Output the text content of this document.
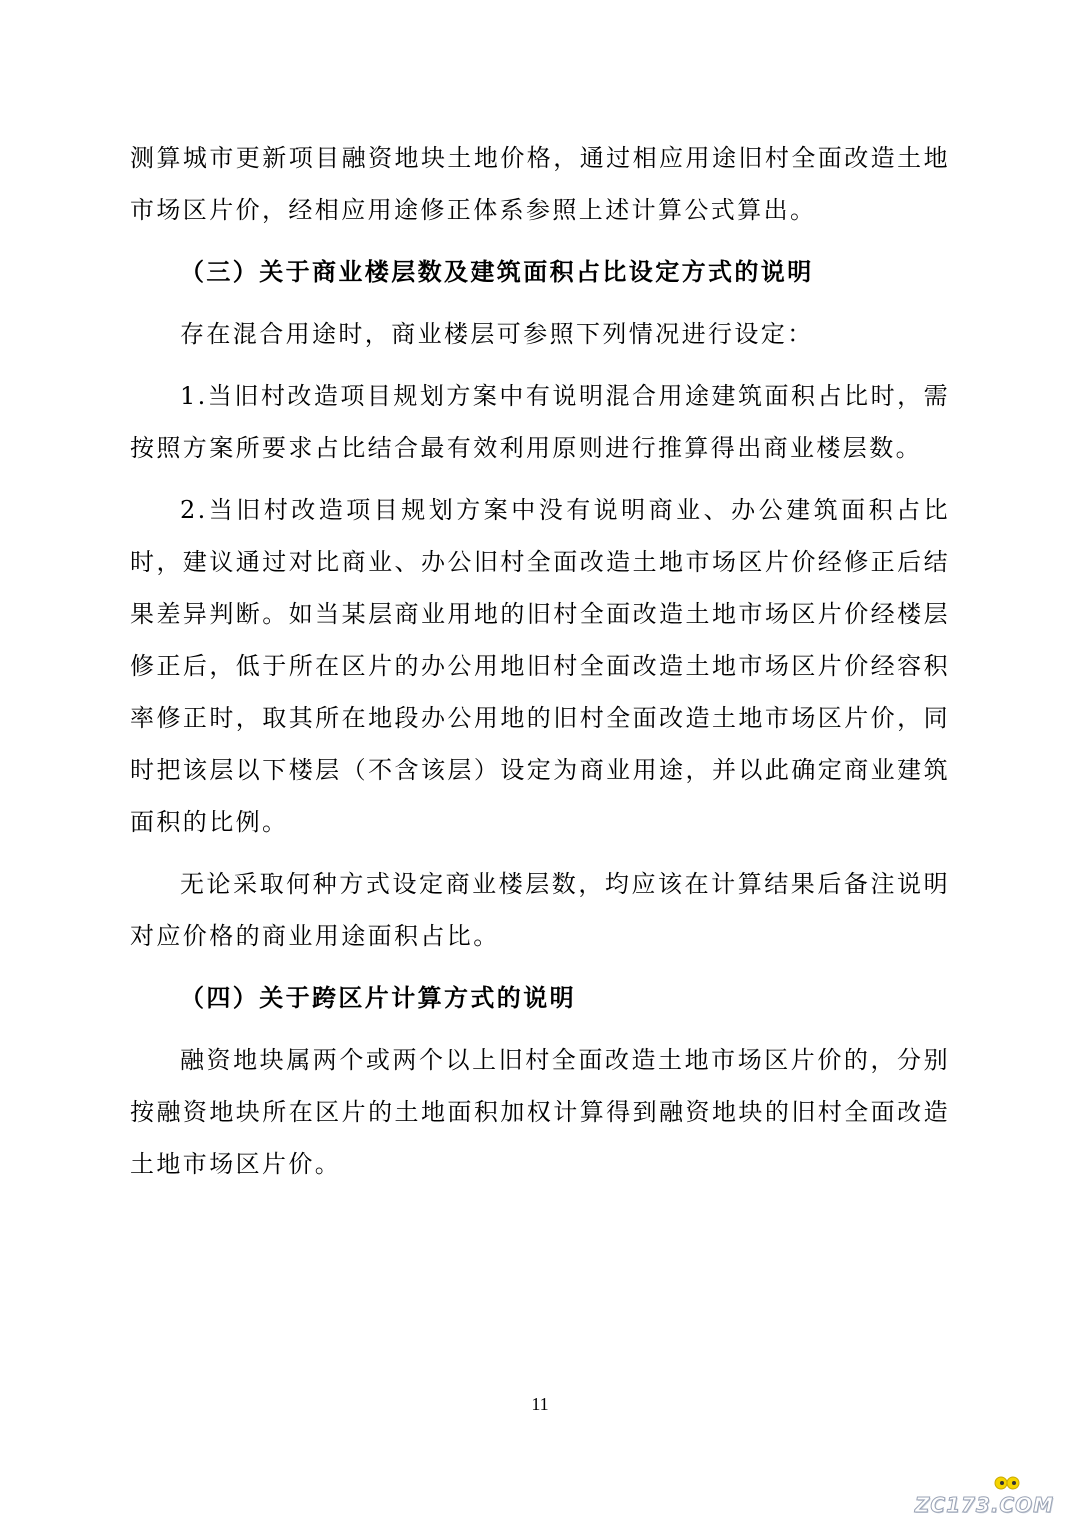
测算城市更新项目融资地块土地价格，通过相应用途旧村全面改造土地市场区片价，经相应用途修正体系参照上述计算公式算出。

（三）关于商业楼层数及建筑面积占比设定方式的说明

存在混合用途时，商业楼层可参照下列情况进行设定：

1.当旧村改造项目规划方案中有说明混合用途建筑面积占比时，需按照方案所要求占比结合最有效利用原则进行推算得出商业楼层数。

2.当旧村改造项目规划方案中没有说明商业、办公建筑面积占比时，建议通过对比商业、办公旧村全面改造土地市场区片价经修正后结果差异判断。如当某层商业用地的旧村全面改造土地市场区片价经楼层修正后，低于所在区片的办公用地旧村全面改造土地市场区片价经容积率修正时，取其所在地段办公用地的旧村全面改造土地市场区片价，同时把该层以下楼层（不含该层）设定为商业用途，并以此确定商业建筑面积的比例。

无论采取何种方式设定商业楼层数，均应该在计算结果后备注说明对应价格的商业用途面积占比。

（四）关于跨区片计算方式的说明

融资地块属两个或两个以上旧村全面改造土地市场区片价的，分别按融资地块所在区片的土地面积加权计算得到融资地块的旧村全面改造土地市场区片价。

11
ZC173.COM
